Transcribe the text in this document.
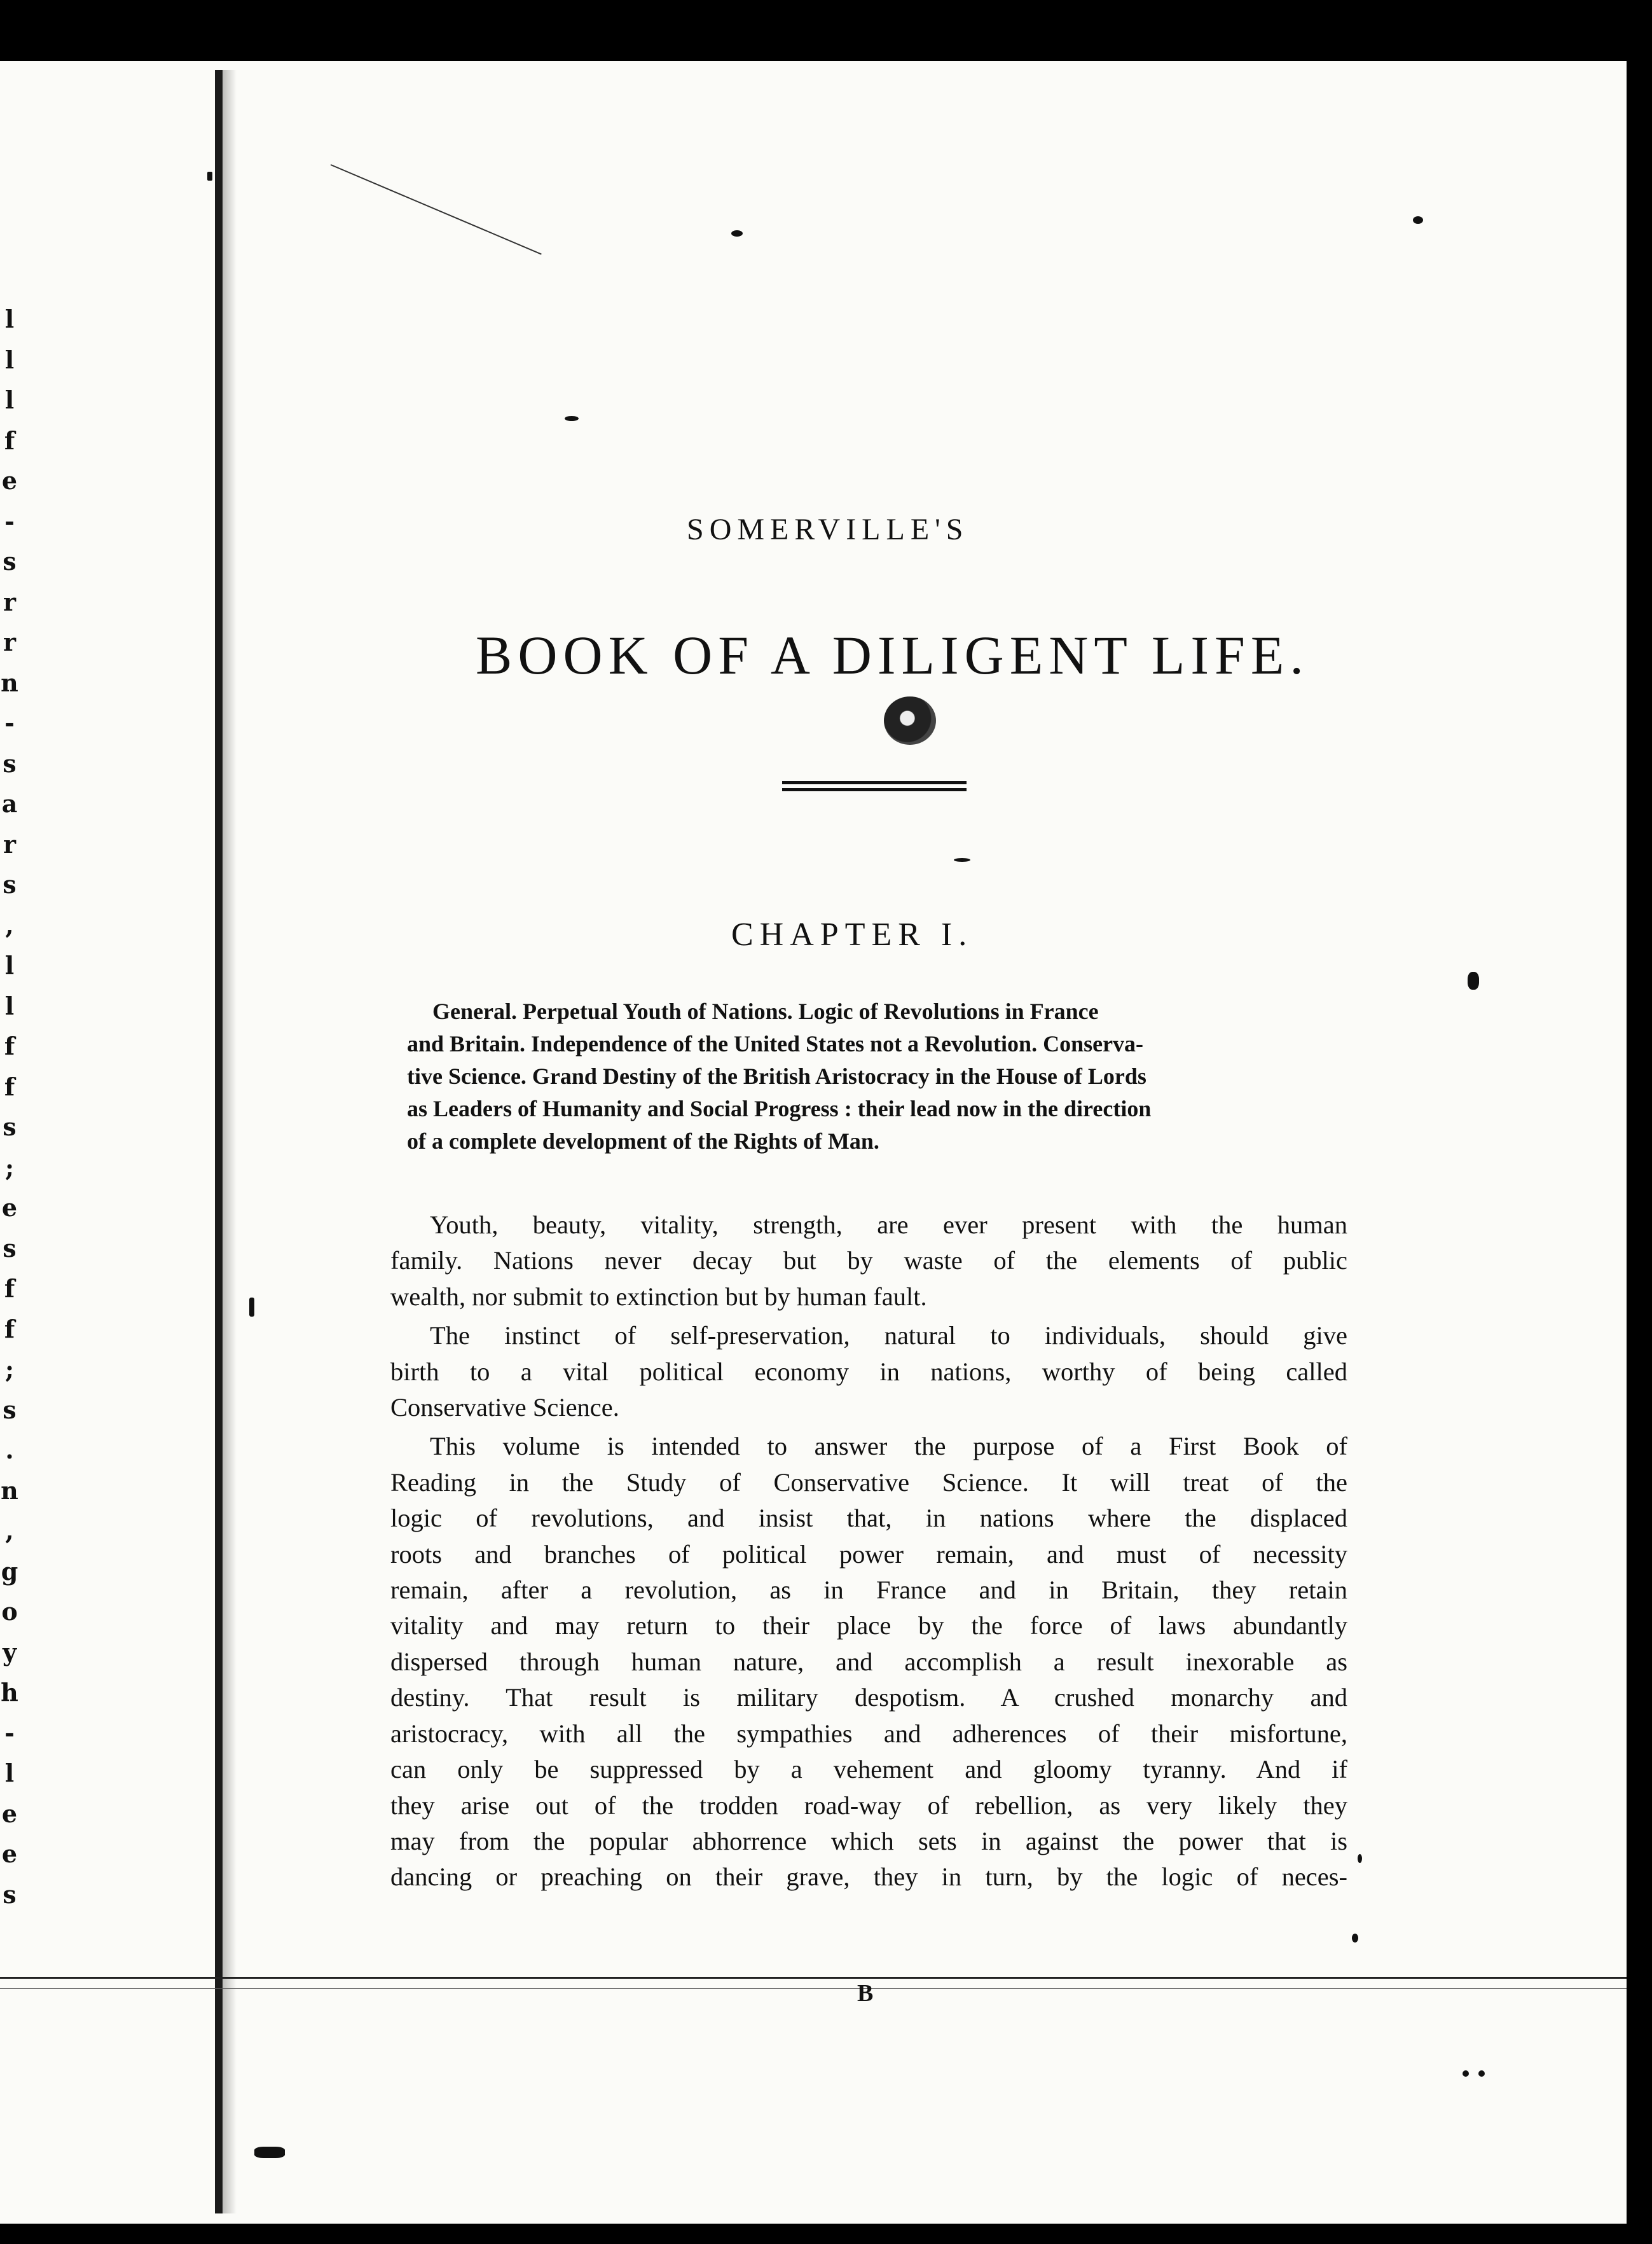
l
l
l
f
e
-
s
r
r
n
-
s
a
r
s
,
l
l
f
f
s
;
e
s
f
f
;
s
.
n
,
g
o
y
h
-
l
e
e
s
SOMERVILLE'S
BOOK OF A DILIGENT LIFE.
CHAPTER I.
General. Perpetual Youth of Nations. Logic of Revolutions in France
and Britain. Independence of the United States not a Revolution. Conserva-
tive Science. Grand Destiny of the British Aristocracy in the House of Lords
as Leaders of Humanity and Social Progress : their lead now in the direction
of a complete development of the Rights of Man.

Youth, beauty, vitality, strength, are ever present with the human
family. Nations never decay but by waste of the elements of public
wealth, nor submit to extinction but by human fault.

The instinct of self-preservation, natural to individuals, should give
birth to a vital political economy in nations, worthy of being called
Conservative Science.

This volume is intended to answer the purpose of a First Book of
Reading in the Study of Conservative Science. It will treat of the
logic of revolutions, and insist that, in nations where the displaced
roots and branches of political power remain, and must of necessity
remain, after a revolution, as in France and in Britain, they retain
vitality and may return to their place by the force of laws abundantly
dispersed through human nature, and accomplish a result inexorable as
destiny. That result is military despotism. A crushed monarchy and
aristocracy, with all the sympathies and adherences of their misfortune,
can only be suppressed by a vehement and gloomy tyranny. And if
they arise out of the trodden road-way of rebellion, as very likely they
may from the popular abhorrence which sets in against the power that is
dancing or preaching on their grave, they in turn, by the logic of neces-

B
